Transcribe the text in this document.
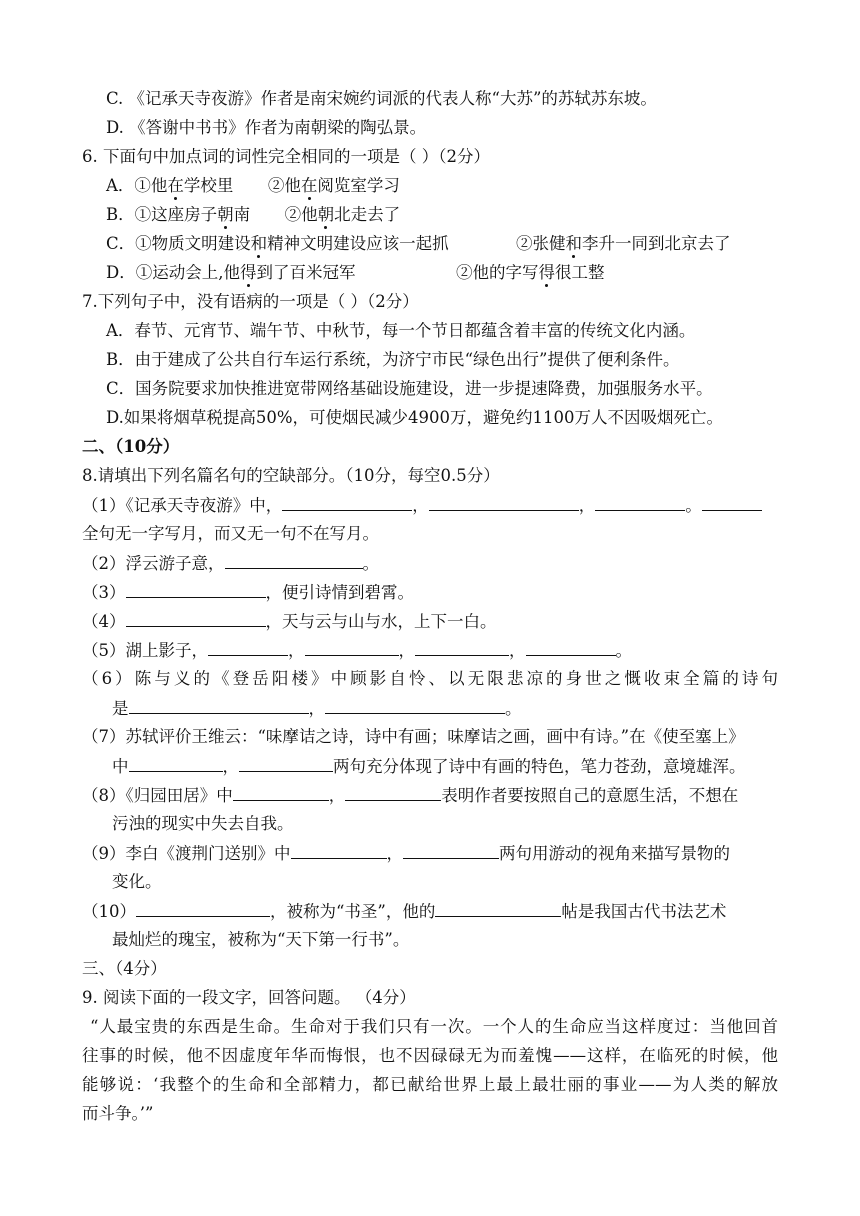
C. 《记承天寺夜游》作者是南宋婉约词派的代表人称“大苏”的苏轼苏东坡。
D. 《答谢中书书》作者为南朝梁的陶弘景。
6. 下面句中加点词的词性完全相同的一项是（ ）（2分）
A．①他在学校里 ②他在阅览室学习
B．①这座房子朝南 ②他朝北走去了
C．①物质文明建设和精神文明建设应该一起抓	②张健和李升一同到北京去了
D．①运动会上,他得到了百米冠军	②他的字写得很工整
7.下列句子中，没有语病的一项是（ ）（2分）
A．春节、元宵节、端午节、中秋节，每一个节日都蕴含着丰富的传统文化内涵。
B．由于建成了公共自行车运行系统，为济宁市民“绿色出行”提供了便利条件。
C．国务院要求加快推进宽带网络基础设施建设，进一步提速降费，加强服务水平。
D.如果将烟草税提高50%，可使烟民减少4900万，避免约1100万人不因吸烟死亡。
二、（10分）
8.请填出下列名篇名句的空缺部分。（10分，每空0.5分）
（1）《记承天寺夜游》中，	，	，	。
全句无一字写月，而又无一句不在写月。
（2）浮云游子意，	。
（3）	，便引诗情到碧霄。
（4）	，天与云与山与水，上下一白。
（5）湖上影子，	，	，	，	。
（6）陈与义的《登岳阳楼》中顾影自怜、以无限悲凉的身世之慨收束全篇的诗句
是	，	。
（7）苏轼评价王维云：“味摩诘之诗，诗中有画；味摩诘之画，画中有诗。”在《使至塞上》
中	，	两句充分体现了诗中有画的特色，笔力苍劲，意境雄浑。
（8）《归园田居》中	，	表明作者要按照自己的意愿生活，不想在
污浊的现实中失去自我。
（9）李白《渡荆门送别》中	，	两句用游动的视角来描写景物的
变化。
（10）	，被称为“书圣”，他的	帖是我国古代书法艺术
最灿烂的瑰宝，被称为“天下第一行书”。
三、（4分）
9. 阅读下面的一段文字，回答问题。 （4分）
“人最宝贵的东西是生命。生命对于我们只有一次。一个人的生命应当这样度过：当他回首
往事的时候，他不因虚度年华而悔恨，也不因碌碌无为而羞愧——这样，在临死的时候，他
能够说：‘我整个的生命和全部精力，都已献给世界上最上最壮丽的事业——为人类的解放
而斗争。’”
